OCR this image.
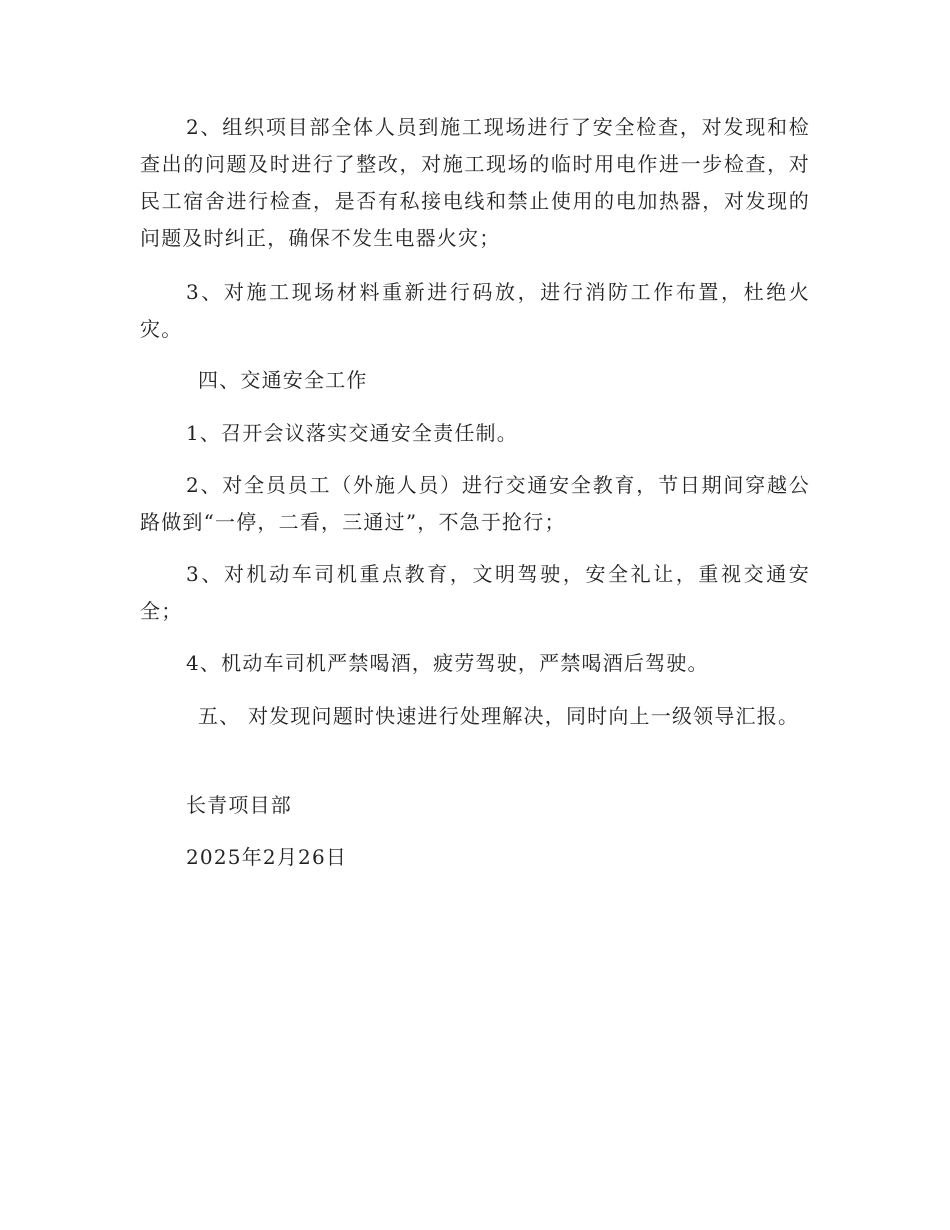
2、组织项目部全体人员到施工现场进行了安全检查，对发现和检查出的问题及时进行了整改，对施工现场的临时用电作进一步检查，对民工宿舍进行检查，是否有私接电线和禁止使用的电加热器，对发现的问题及时纠正，确保不发生电器火灾；

3、对施工现场材料重新进行码放，进行消防工作布置，杜绝火灾。

四、交通安全工作

1、召开会议落实交通安全责任制。

2、对全员员工（外施人员）进行交通安全教育，节日期间穿越公路做到“一停，二看，三通过”，不急于抢行；

3、对机动车司机重点教育，文明驾驶，安全礼让，重视交通安全；

4、机动车司机严禁喝酒，疲劳驾驶，严禁喝酒后驾驶。

五、 对发现问题时快速进行处理解决，同时向上一级领导汇报。

长青项目部

2025年2月26日
